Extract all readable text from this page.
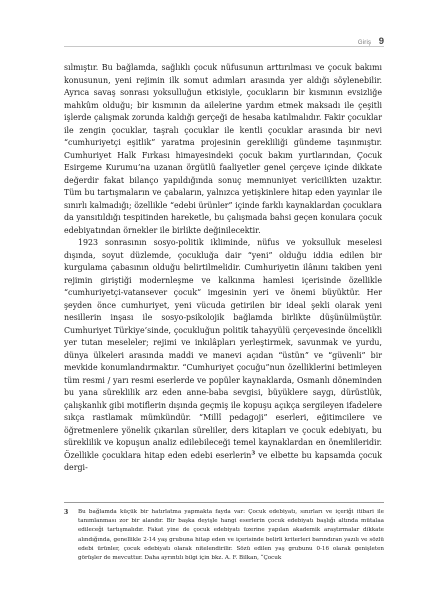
Giriş 9

sılmıştır. Bu bağlamda, sağlıklı çocuk nüfusunun arttırılması ve çocuk bakımı konusunun, yeni rejimin ilk somut adımları arasında yer aldığı söylenebilir. Ayrıca savaş sonrası yoksulluğun etkisiyle, çocukların bir kısmının evsizliğe mahkûm olduğu; bir kısmının da ailelerine yardım etmek maksadı ile çeşitli işlerde çalışmak zorunda kaldığı gerçeği de hesaba katılmalıdır. Fakir çocuklar ile zengin çocuklar, taşralı çocuklar ile kentli çocuklar arasında bir nevi “cumhuriyetçi eşitlik” yaratma projesinin gerekliliği gündeme taşınmıştır. Cumhuriyet Halk Fırkası himayesindeki çocuk bakım yurtlarından, Çocuk Esirgeme Kurumu’na uzanan örgütlü faaliyetler genel çerçeve içinde dikkate değerdir fakat bilanço yapıldığında sonuç memnuniyet vericilikten uzaktır. Tüm bu tartışmaların ve çabaların, yalnızca yetişkinlere hitap eden yayınlar ile sınırlı kalmadığı; özellikle “edebi ürünler” içinde farklı kaynaklardan çocuklara da yansıtıldığı tespitinden hareketle, bu çalışmada bahsi geçen konulara çocuk edebiyatından örnekler ile birlikte değinilecektir.

1923 sonrasının sosyo-politik ikliminde, nüfus ve yoksulluk meselesi dışında, soyut düzlemde, çocukluğa dair “yeni” olduğu iddia edilen bir kurgulama çabasının olduğu belirtilmelidir. Cumhuriyetin ilânını takiben yeni rejimin girişti̇ği modernleşme ve kalkınma hamlesi içerisinde özellikle “cumhuriyetçi-vatansever çocuk” imgesinin yeri ve önemi büyüktür. Her şeyden önce cumhuriyet, yeni vücuda getirilen bir ideal şekli olarak yeni nesillerin inşası ile sosyo-psikolojik bağlamda birlikte düşünülmüştür. Cumhuriyet Türkiye’sinde, çocukluğun politik tahayyülü çerçevesinde öncelikli yer tutan meseleler; rejimi ve inkılâpları yerleştirmek, savunmak ve yurdu, dünya ülkeleri arasında maddi ve manevi açıdan “üstün” ve “güvenli” bir mevkide konumlandırmaktır. “Cumhuriyet çocuğu”nun özelliklerini betimleyen tüm resmi / yarı resmi eserlerde ve popüler kaynaklarda, Osmanlı döneminden bu yana süreklilik arz eden anne-baba sevgisi, büyüklere saygı, dürüstlük, çalışkanlık gibi motiflerin dışında geçmiş ile kopuşu açıkça sergileyen ifadelere sıkça rastlamak mümkündür. “Millî pedagoji” eserleri, eğitimcilere ve öğretmenlere yönelik çıkarılan süreliler, ders kitapları ve çocuk edebiyatı, bu süreklilik ve kopuşun analiz edilebileceği temel kaynaklardan en önemlileridir. Özellikle çocuklara hitap eden edebi eserlerin$^3$ ve elbette bu kapsamda çocuk dergi-

3 Bu bağlamda küçük bir hatırlatma yapmakta fayda var: Çocuk edebiyatı, sınırları ve içeriği itibari ile tanımlanması zor bir alandır. Bir başka deyişle hangi eserlerin çocuk edebiyatı başlığı altında mütalaa edileceği tartışmalıdır. Fakat yine de çocuk edebiyatı üzerine yapılan akademik araştırmalar dikkate alındığında, genellikle 2-14 yaş grubuna hitap eden ve içerisinde belirli kriterleri barındıran yazılı ve sözlü edebi ürünler, çocuk edebiyatı olarak nitelendirilir. Sözü edilen yaş grubunu 0-16 olarak genişleten görüşler de mevcuttur. Daha ayrıntılı bilgi için bkz. A. F. Bilkan, “Çocuk
